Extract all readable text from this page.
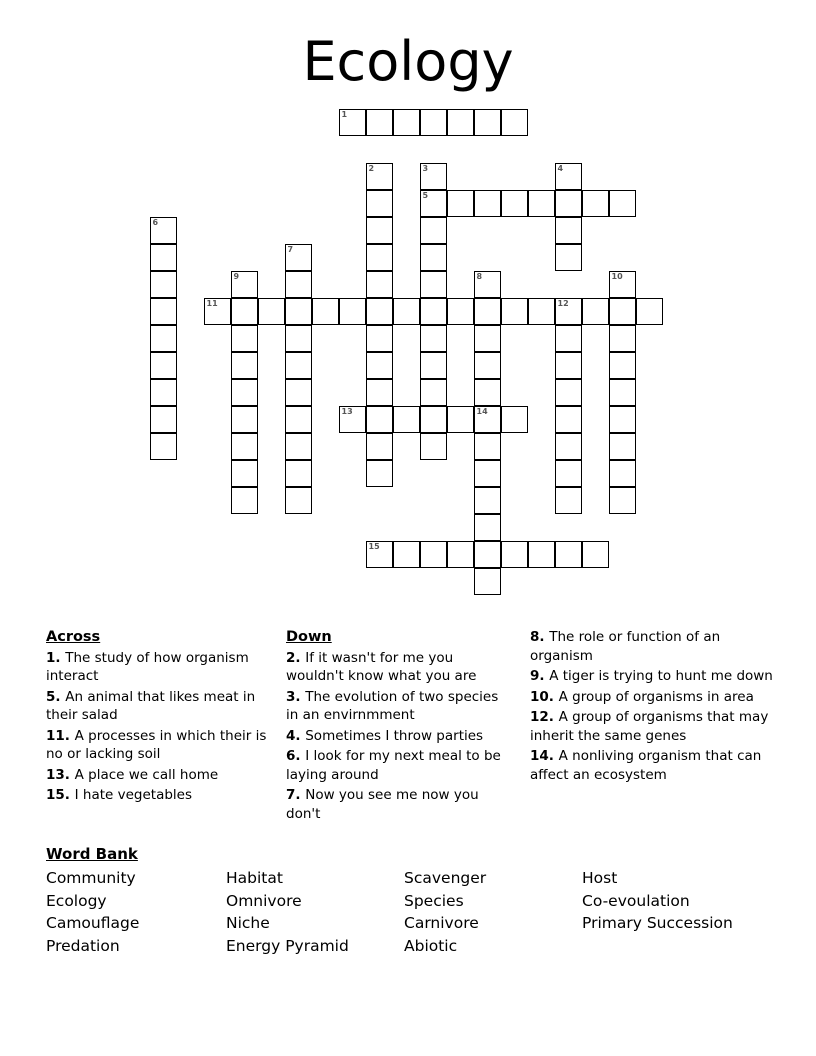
Ecology
1
2	3	4
5
6
7
9	8	10
11	12
13	14
15
Across
1. The study of how organism interact
5. An animal that likes meat in their salad
11. A processes in which their is no or lacking soil
13. A place we call home
15. I hate vegetables
Down
2. If it wasn't for me you wouldn't know what you are
3. The evolution of two species in an envirnmment
4. Sometimes I throw parties
6. I look for my next meal to be laying around
7. Now you see me now you don't
8. The role or function of an organism
9. A tiger is trying to hunt me down
10. A group of organisms in area
12. A group of organisms that may inherit the same genes
14. A nonliving organism that can affect an ecosystem
Word Bank
Community
Ecology
Camouflage
Predation
Habitat
Omnivore
Niche
Energy Pyramid
Scavenger
Species
Carnivore
Abiotic
Host
Co-evoulation
Primary Succession
